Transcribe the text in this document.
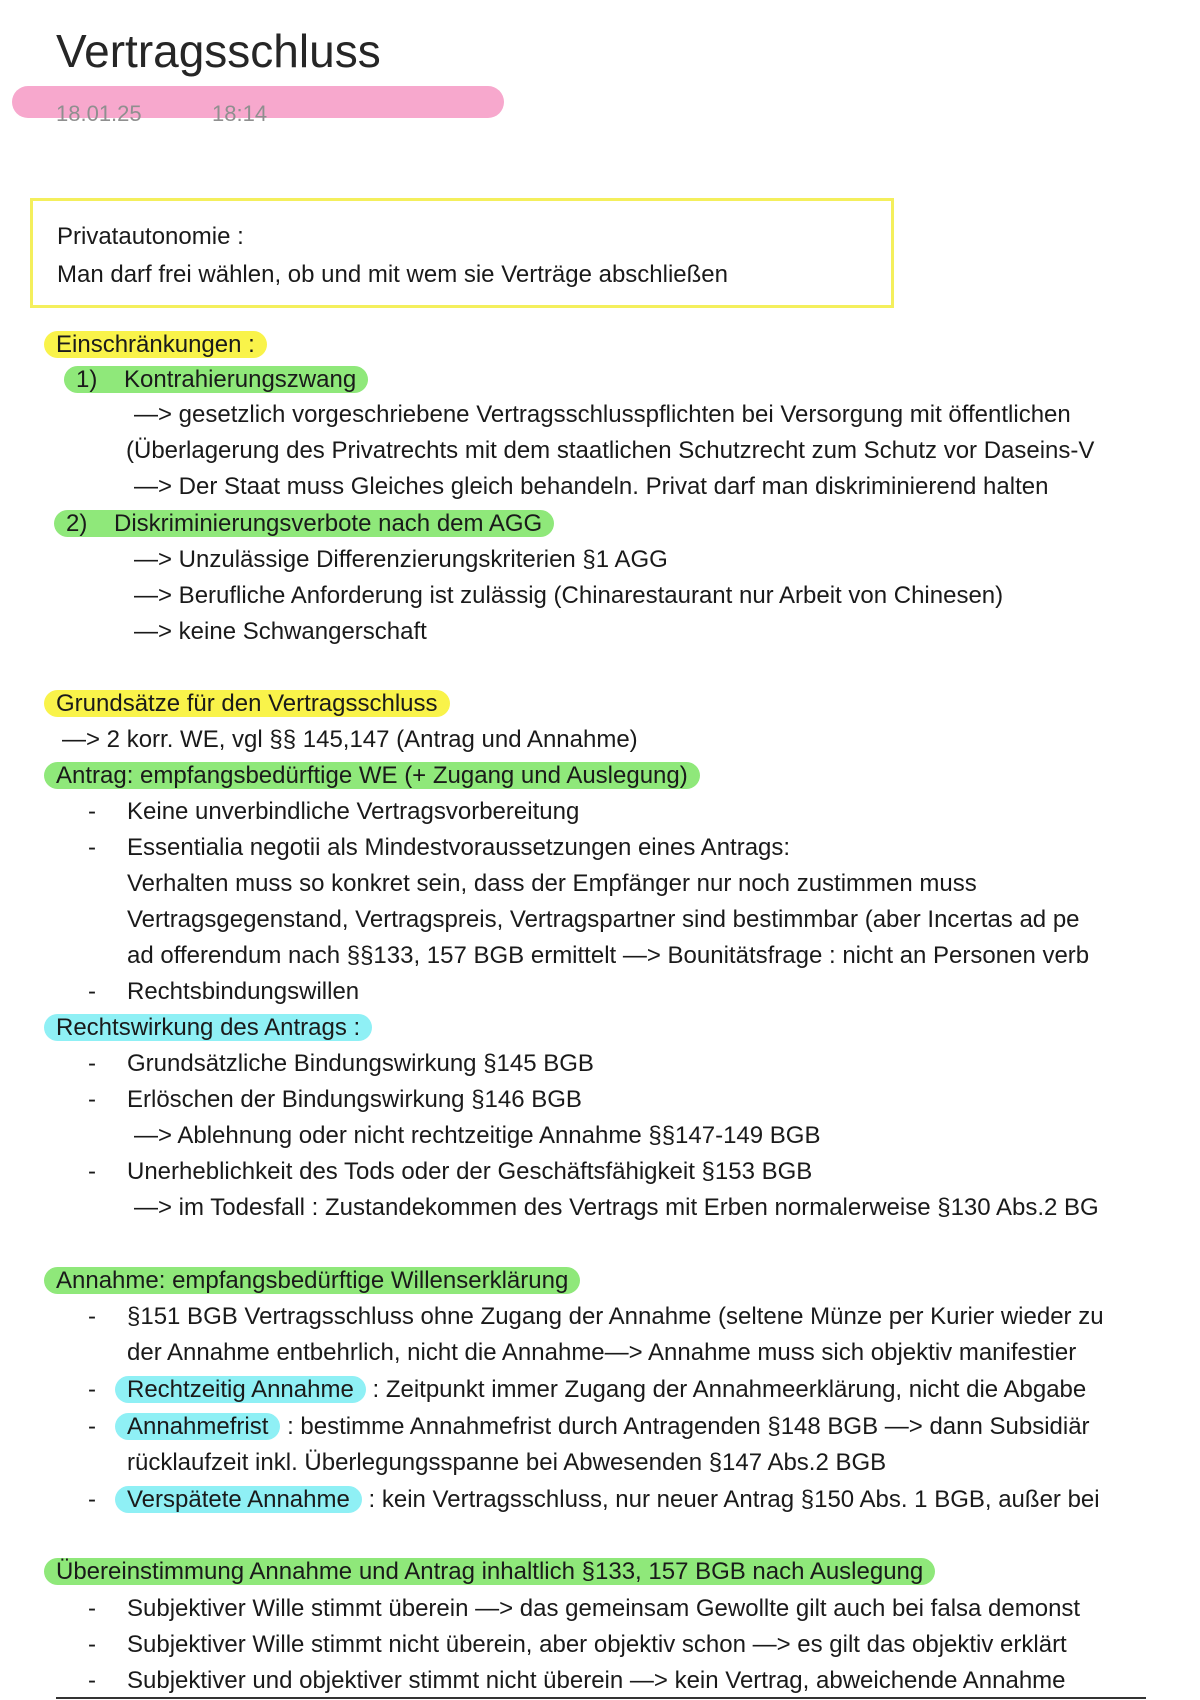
Vertragsschluss
18.01.25	18:14
Privatautonomie :
Man darf frei wählen, ob und mit wem sie Verträge abschließen
Einschränkungen :
1)    Kontrahierungszwang
—> gesetzlich vorgeschriebene Vertragsschlusspflichten bei Versorgung mit öffentlichen
(Überlagerung des Privatrechts mit dem staatlichen Schutzrecht zum Schutz vor Daseins-V
—> Der Staat muss Gleiches gleich behandeln. Privat darf man diskriminierend halten
2)    Diskriminierungsverbote nach dem AGG
—> Unzulässige Differenzierungskriterien §1 AGG
—> Berufliche Anforderung ist zulässig (Chinarestaurant nur Arbeit von Chinesen)
—> keine Schwangerschaft
Grundsätze für den Vertragsschluss
—> 2 korr. WE, vgl §§ 145,147 (Antrag und Annahme)
Antrag: empfangsbedürftige WE (+ Zugang und Auslegung)
- Keine unverbindliche Vertragsvorbereitung
- Essentialia negotii als Mindestvoraussetzungen eines Antrags:
Verhalten muss so konkret sein, dass der Empfänger nur noch zustimmen muss
Vertragsgegenstand, Vertragspreis, Vertragspartner sind bestimmbar (aber Incertas ad pe
ad offerendum nach §§133, 157 BGB ermittelt —> Bounitätsfrage : nicht an Personen verb
- Rechtsbindungswillen
Rechtswirkung des Antrags :
- Grundsätzliche Bindungswirkung §145 BGB
- Erlöschen der Bindungswirkung §146 BGB
—> Ablehnung oder nicht rechtzeitige Annahme §§147-149 BGB
- Unerheblichkeit des Tods oder der Geschäftsfähigkeit §153 BGB
—> im Todesfall : Zustandekommen des Vertrags mit Erben normalerweise §130 Abs.2 BG
Annahme: empfangsbedürftige Willenserklärung
- §151 BGB Vertragsschluss ohne Zugang der Annahme (seltene Münze per Kurier wieder zu
der Annahme entbehrlich, nicht die Annahme—> Annahme muss sich objektiv manifestier
- Rechtzeitig Annahme : Zeitpunkt immer Zugang der Annahmeerklärung, nicht die Abgabe
- Annahmefrist : bestimme Annahmefrist durch Antragenden §148 BGB —> dann Subsidiär
rücklaufzeit inkl. Überlegungsspanne bei Abwesenden §147 Abs.2 BGB
- Verspätete Annahme : kein Vertragsschluss, nur neuer Antrag §150 Abs. 1 BGB, außer bei
Übereinstimmung Annahme und Antrag inhaltlich §133, 157 BGB nach Auslegung
- Subjektiver Wille stimmt überein —> das gemeinsam Gewollte gilt auch bei falsa demonst
- Subjektiver Wille stimmt nicht überein, aber objektiv schon —> es gilt das objektiv erklärt
- Subjektiver und objektiver stimmt nicht überein —> kein Vertrag, abweichende Annahme
